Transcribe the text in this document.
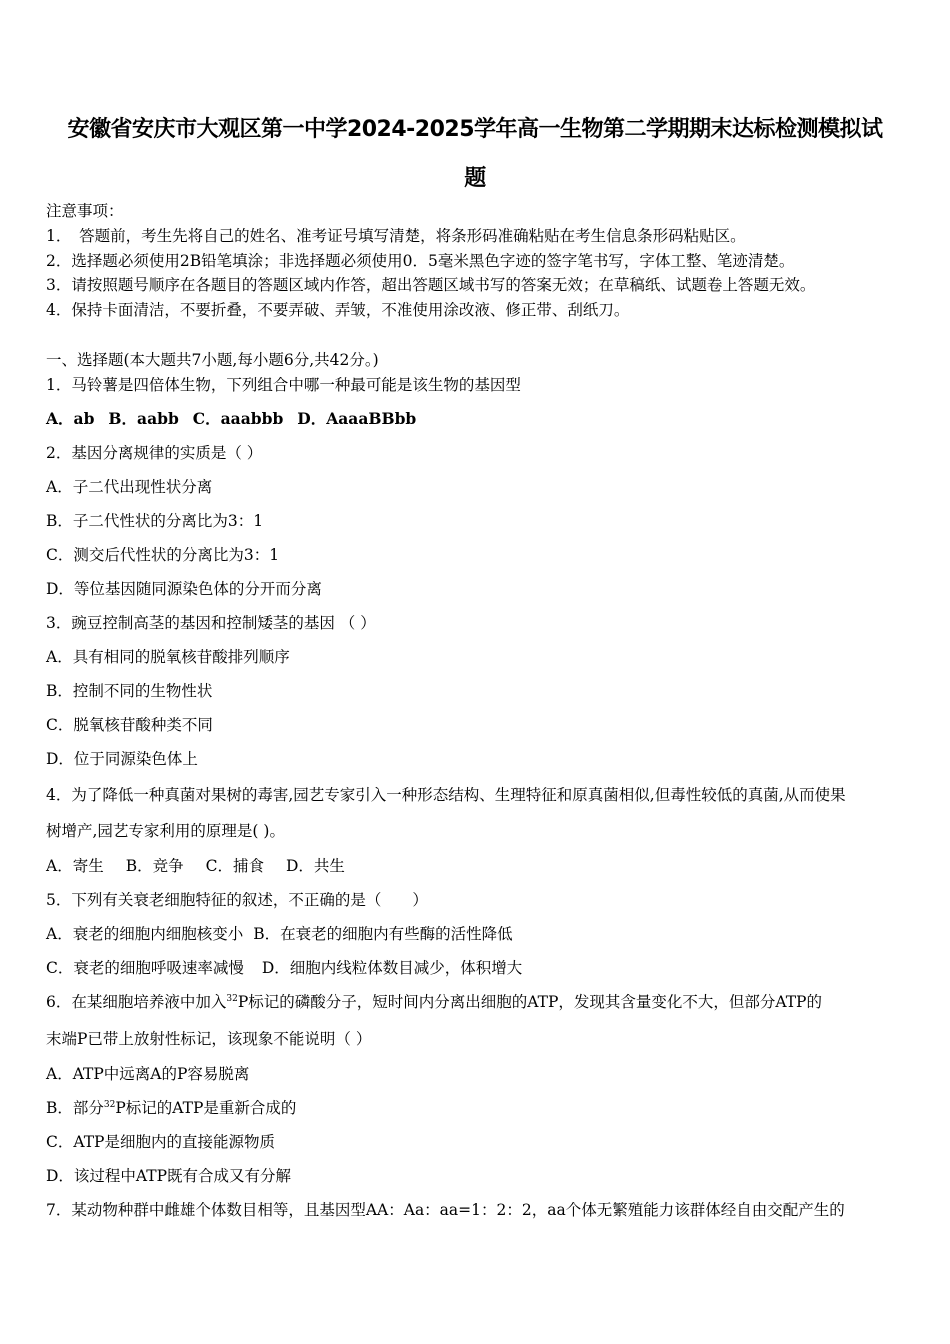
安徽省安庆市大观区第一中学2024-2025学年高一生物第二学期期末达标检测模拟试
题
注意事项：
1．　答题前，考生先将自己的姓名、准考证号填写清楚，将条形码准确粘贴在考生信息条形码粘贴区。
2．选择题必须使用2B铅笔填涂；非选择题必须使用0．5毫米黑色字迹的签字笔书写，字体工整、笔迹清楚。
3．请按照题号顺序在各题目的答题区域内作答，超出答题区域书写的答案无效；在草稿纸、试题卷上答题无效。
4．保持卡面清洁，不要折叠，不要弄破、弄皱，不准使用涂改液、修正带、刮纸刀。
一、选择题(本大题共7小题,每小题6分,共42分。)
1．马铃薯是四倍体生物，下列组合中哪一种最可能是该生物的基因型
A．ab B．aabb C．aaabbb D．AaaaBBbb
2．基因分离规律的实质是（ ）
A．子二代出现性状分离
B．子二代性状的分离比为3：1
C．测交后代性状的分离比为3：1
D．等位基因随同源染色体的分开而分离
3．豌豆控制高茎的基因和控制矮茎的基因 （ ）
A．具有相同的脱氧核苷酸排列顺序
B．控制不同的生物性状
C．脱氧核苷酸种类不同
D．位于同源染色体上
4．为了降低一种真菌对果树的毒害,园艺专家引入一种形态结构、生理特征和原真菌相似,但毒性较低的真菌,从而使果
树增产,园艺专家利用的原理是( )。
A．寄生 B．竞争 C．捕食 D．共生
5．下列有关衰老细胞特征的叙述，不正确的是（　　）
A．衰老的细胞内细胞核变小 B．在衰老的细胞内有些酶的活性降低
C．衰老的细胞呼吸速率减慢 D．细胞内线粒体数目减少，体积增大
6．在某细胞培养液中加入$^{32}$P标记的磷酸分子，短时间内分离出细胞的ATP，发现其含量变化不大，但部分ATP的
末端P已带上放射性标记，该现象不能说明（ ）
A．ATP中远离A的P容易脱离
B．部分$^{32}$P标记的ATP是重新合成的
C．ATP是细胞内的直接能源物质
D．该过程中ATP既有合成又有分解
7．某动物种群中雌雄个体数目相等，且基因型AA：Aa：aa=1：2：2，aa个体无繁殖能力该群体经自由交配产生的
